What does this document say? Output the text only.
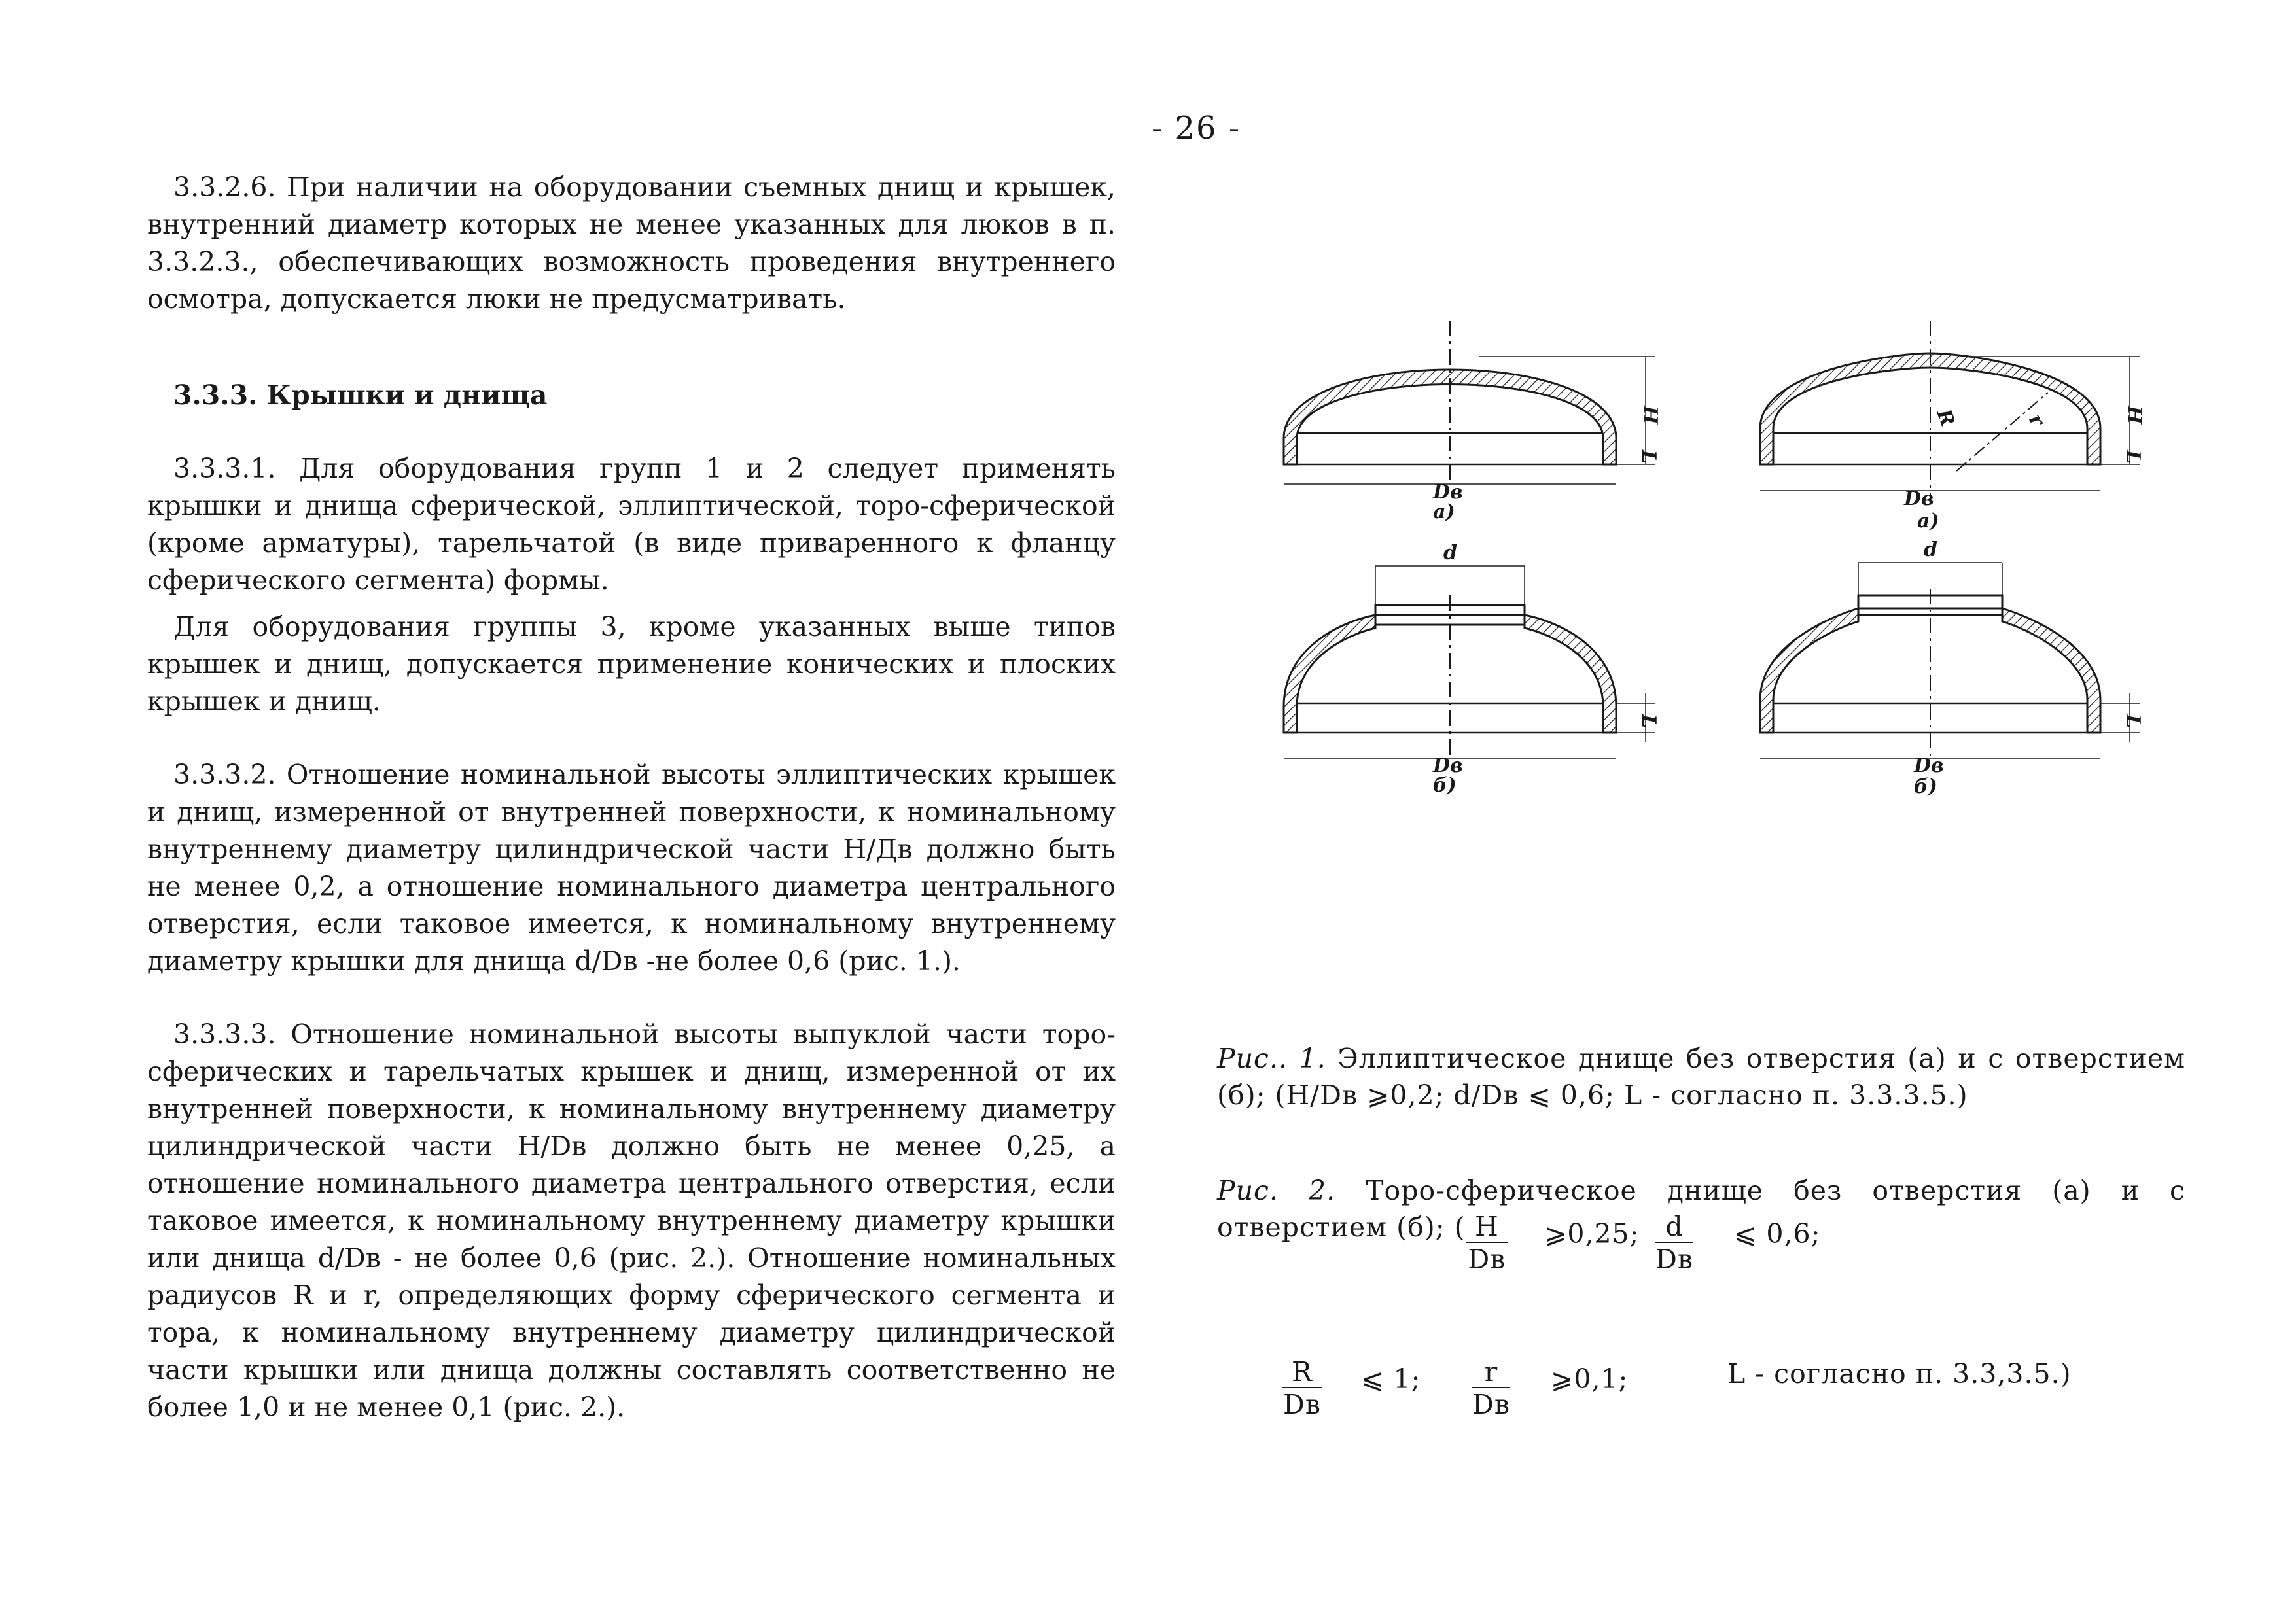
- 26 -

3.3.2.6. При наличии на оборудовании съемных днищ и крышек, внутренний диаметр которых не менее указанных для люков в п. 3.3.2.3., обеспечивающих возможность проведения внутреннего осмотра, допускается люки не предусматривать.

3.3.3. Крышки и днища

3.3.3.1. Для оборудования групп 1 и 2 следует применять крышки и днища сферической, эллиптической, торо-сферической (кроме арматуры), тарельчатой (в виде приваренного к фланцу сферического сегмента) формы.

Для оборудования группы 3, кроме указанных выше типов крышек и днищ, допускается применение конических и плоских крышек и днищ.

3.3.3.2. Отношение номинальной высоты эллиптических крышек и днищ, измеренной от внутренней поверхности, к номинальному внутреннему диаметру цилиндрической части Н/Дв должно быть не менее 0,2, а отношение номинального диаметра центрального отверстия, если таковое имеется, к номинальному внутреннему диаметру крышки для днища d/Dв -не более 0,6 (рис. 1.).

3.3.3.3. Отношение номинальной высоты выпуклой части торо-сферических и тарельчатых крышек и днищ, измеренной от их внутренней поверхности, к номинальному внутреннему диаметру цилиндрической части Н/Dв должно быть не менее 0,25, а отношение номинального диаметра центрального отверстия, если таковое имеется, к номинальному внутреннему диаметру крышки или днища d/Dв - не более 0,6 (рис. 2.). Отношение номинальных радиусов R и r, определяющих форму сферического сегмента и тора, к номинальному внутреннему диаметру цилиндрической части крышки или днища должны составлять соответственно не более 1,0 и не менее 0,1 (рис. 2.).

H
L
Dв
а)
H
L
R	r
Dв
а)
d
L
Dв
б)
d
L
Dв
б)

Рис.. 1. Эллиптическое днище без отверстия (а) и с отверстием (б); (Н/Dв ⩾0,2; d/Dв ⩽ 0,6; L - согласно п. 3.3.3.5.)

Рис. 2. Торо-сферическое днище без отверстия (а) и с отверстием (б); ( H
Dв
⩾0,25; d
Dв
⩽ 0,6;
R
Dв
⩽ 1;	r
Dв
⩾0,1;	L - согласно п. 3.3,3.5.)
